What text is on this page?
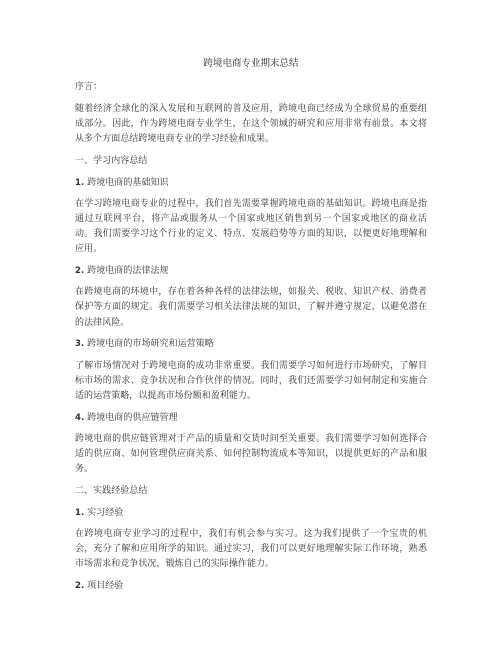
跨境电商专业期末总结

序言：

随着经济全球化的深入发展和互联网的普及应用，跨境电商已经成为全球贸易的重要组成部分。因此，作为跨境电商专业学生，在这个领域的研究和应用非常有前景。本文将从多个方面总结跨境电商专业的学习经验和成果。

一、学习内容总结

1. 跨境电商的基础知识

在学习跨境电商专业的过程中，我们首先需要掌握跨境电商的基础知识。跨境电商是指通过互联网平台，将产品或服务从一个国家或地区销售到另一个国家或地区的商业活动。我们需要学习这个行业的定义、特点、发展趋势等方面的知识，以便更好地理解和应用。

2. 跨境电商的法律法规

在跨境电商的环境中，存在着各种各样的法律法规，如报关、税收、知识产权、消费者保护等方面的规定。我们需要学习相关法律法规的知识，了解并遵守规定，以避免潜在的法律风险。

3. 跨境电商的市场研究和运营策略

了解市场情况对于跨境电商的成功非常重要。我们需要学习如何进行市场研究，了解目标市场的需求、竞争状况和合作伙伴的情况。同时，我们还需要学习如何制定和实施合适的运营策略，以提高市场份额和盈利能力。

4. 跨境电商的供应链管理

跨境电商的供应链管理对于产品的质量和交货时间至关重要。我们需要学习如何选择合适的供应商、如何管理供应商关系、如何控制物流成本等知识，以提供更好的产品和服务。

二、实践经验总结

1. 实习经验

在跨境电商专业学习的过程中，我们有机会参与实习。这为我们提供了一个宝贵的机会，充分了解和应用所学的知识。通过实习，我们可以更好地理解实际工作环境，熟悉市场需求和竞争状况，锻炼自己的实际操作能力。

2. 项目经验
